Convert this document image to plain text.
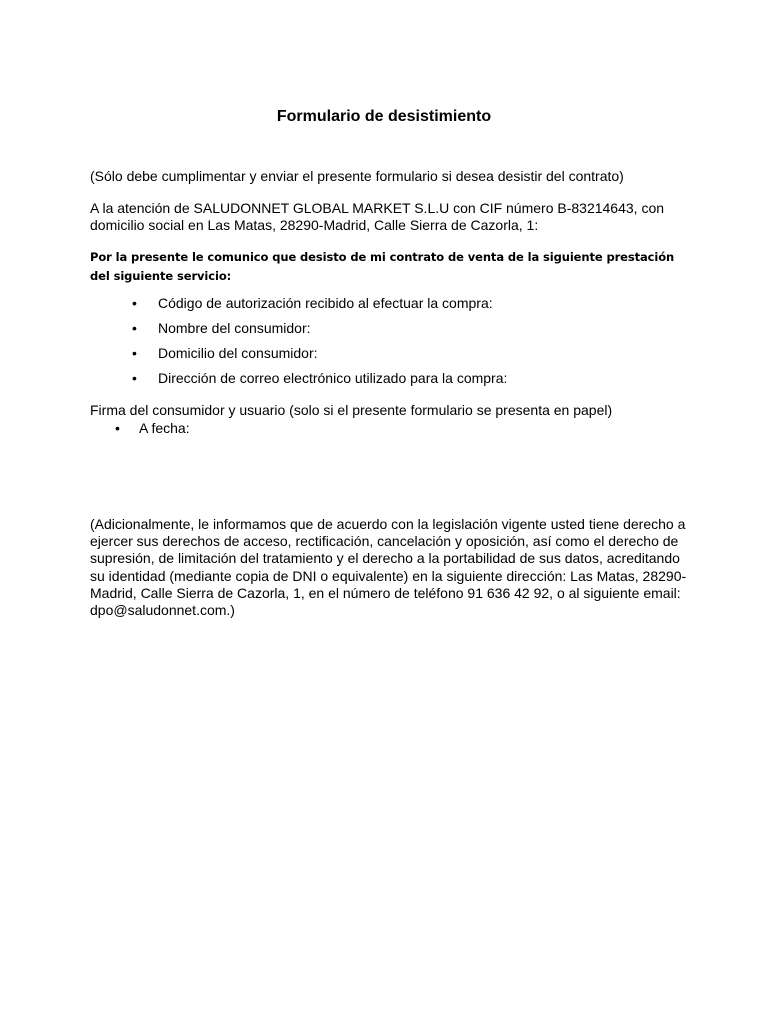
Formulario de desistimiento
(Sólo debe cumplimentar y enviar el presente formulario si desea desistir del contrato)
A la atención de SALUDONNET GLOBAL MARKET S.L.U con CIF número B-83214643, con domicilio social en Las Matas, 28290-Madrid, Calle Sierra de Cazorla, 1:
Por la presente le comunico que desisto de mi contrato de venta de la siguiente prestación del siguiente servicio:
• Código de autorización recibido al efectuar la compra:
• Nombre del consumidor:
• Domicilio del consumidor:
• Dirección de correo electrónico utilizado para la compra:
Firma del consumidor y usuario (solo si el presente formulario se presenta en papel)
• A fecha:
(Adicionalmente, le informamos que de acuerdo con la legislación vigente usted tiene derecho a ejercer sus derechos de acceso, rectificación, cancelación y oposición, así como el derecho de supresión, de limitación del tratamiento y el derecho a la portabilidad de sus datos, acreditando su identidad (mediante copia de DNI o equivalente) en la siguiente dirección: Las Matas, 28290-Madrid, Calle Sierra de Cazorla, 1, en el número de teléfono 91 636 42 92, o al siguiente email: dpo@saludonnet.com.)
